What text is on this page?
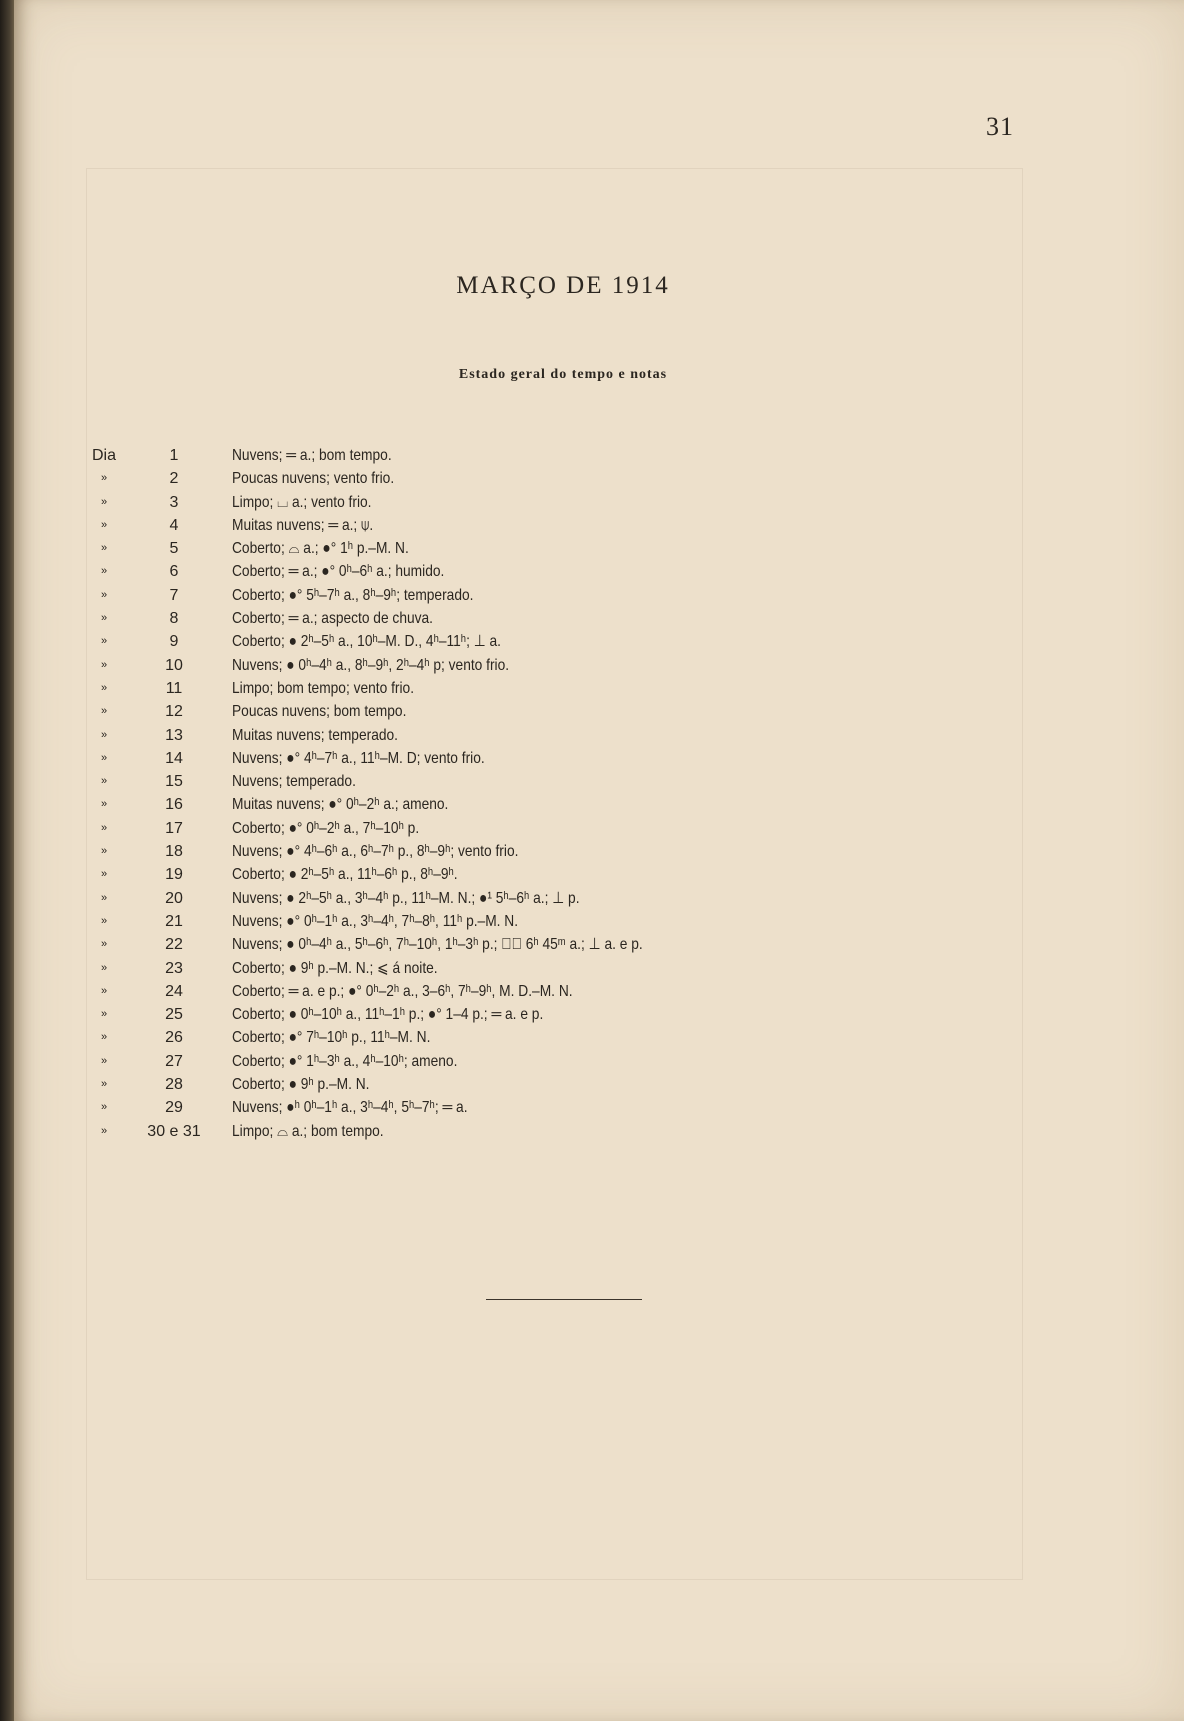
31
MARÇO DE 1914
Estado geral do tempo e notas
Dia	1	Nuvens; ═ a.; bom tempo.
»	2	Poucas nuvens; vento frio.
»	3	Limpo; ⌴ a.; vento frio.
»	4	Muitas nuvens; ═ a.; ⍦.
»	5	Coberto; ⌓ a.; ●° 1ʰ p.–M. N.
»	6	Coberto; ═ a.; ●° 0ʰ–6ʰ a.; humido.
»	7	Coberto; ●° 5ʰ–7ʰ a., 8ʰ–9ʰ; temperado.
»	8	Coberto; ═ a.; aspecto de chuva.
»	9	Coberto; ● 2ʰ–5ʰ a., 10ʰ–M. D., 4ʰ–11ʰ; ⊥ a.
»	10	Nuvens; ● 0ʰ–4ʰ a., 8ʰ–9ʰ, 2ʰ–4ʰ p; vento frio.
»	11	Limpo; bom tempo; vento frio.
»	12	Poucas nuvens; bom tempo.
»	13	Muitas nuvens; temperado.
»	14	Nuvens; ●° 4ʰ–7ʰ a., 11ʰ–M. D; vento frio.
»	15	Nuvens; temperado.
»	16	Muitas nuvens; ●° 0ʰ–2ʰ a.; ameno.
»	17	Coberto; ●° 0ʰ–2ʰ a., 7ʰ–10ʰ p.
»	18	Nuvens; ●° 4ʰ–6ʰ a., 6ʰ–7ʰ p., 8ʰ–9ʰ; vento frio.
»	19	Coberto; ● 2ʰ–5ʰ a., 11ʰ–6ʰ p., 8ʰ–9ʰ.
»	20	Nuvens; ● 2ʰ–5ʰ a., 3ʰ–4ʰ p., 11ʰ–M. N.; ●¹ 5ʰ–6ʰ a.; ⊥ p.
»	21	Nuvens; ●° 0ʰ–1ʰ a., 3ʰ–4ʰ, 7ʰ–8ʰ, 11ʰ p.–M. N.
»	22	Nuvens; ● 0ʰ–4ʰ a., 5ʰ–6ʰ, 7ʰ–10ʰ, 1ʰ–3ʰ p.; ⌈⃥ 6ʰ 45ᵐ a.; ⊥ a. e p.
»	23	Coberto; ● 9ʰ p.–M. N.; ⩽ á noite.
»	24	Coberto; ═ a. e p.; ●° 0ʰ–2ʰ a., 3–6ʰ, 7ʰ–9ʰ, M. D.–M. N.
»	25	Coberto; ● 0ʰ–10ʰ a., 11ʰ–1ʰ p.; ●° 1–4 p.; ═ a. e p.
»	26	Coberto; ●° 7ʰ–10ʰ p., 11ʰ–M. N.
»	27	Coberto; ●° 1ʰ–3ʰ a., 4ʰ–10ʰ; ameno.
»	28	Coberto; ● 9ʰ p.–M. N.
»	29	Nuvens; ●ʰ 0ʰ–1ʰ a., 3ʰ–4ʰ, 5ʰ–7ʰ; ═ a.
»	30 e 31	Limpo; ⌓ a.; bom tempo.
